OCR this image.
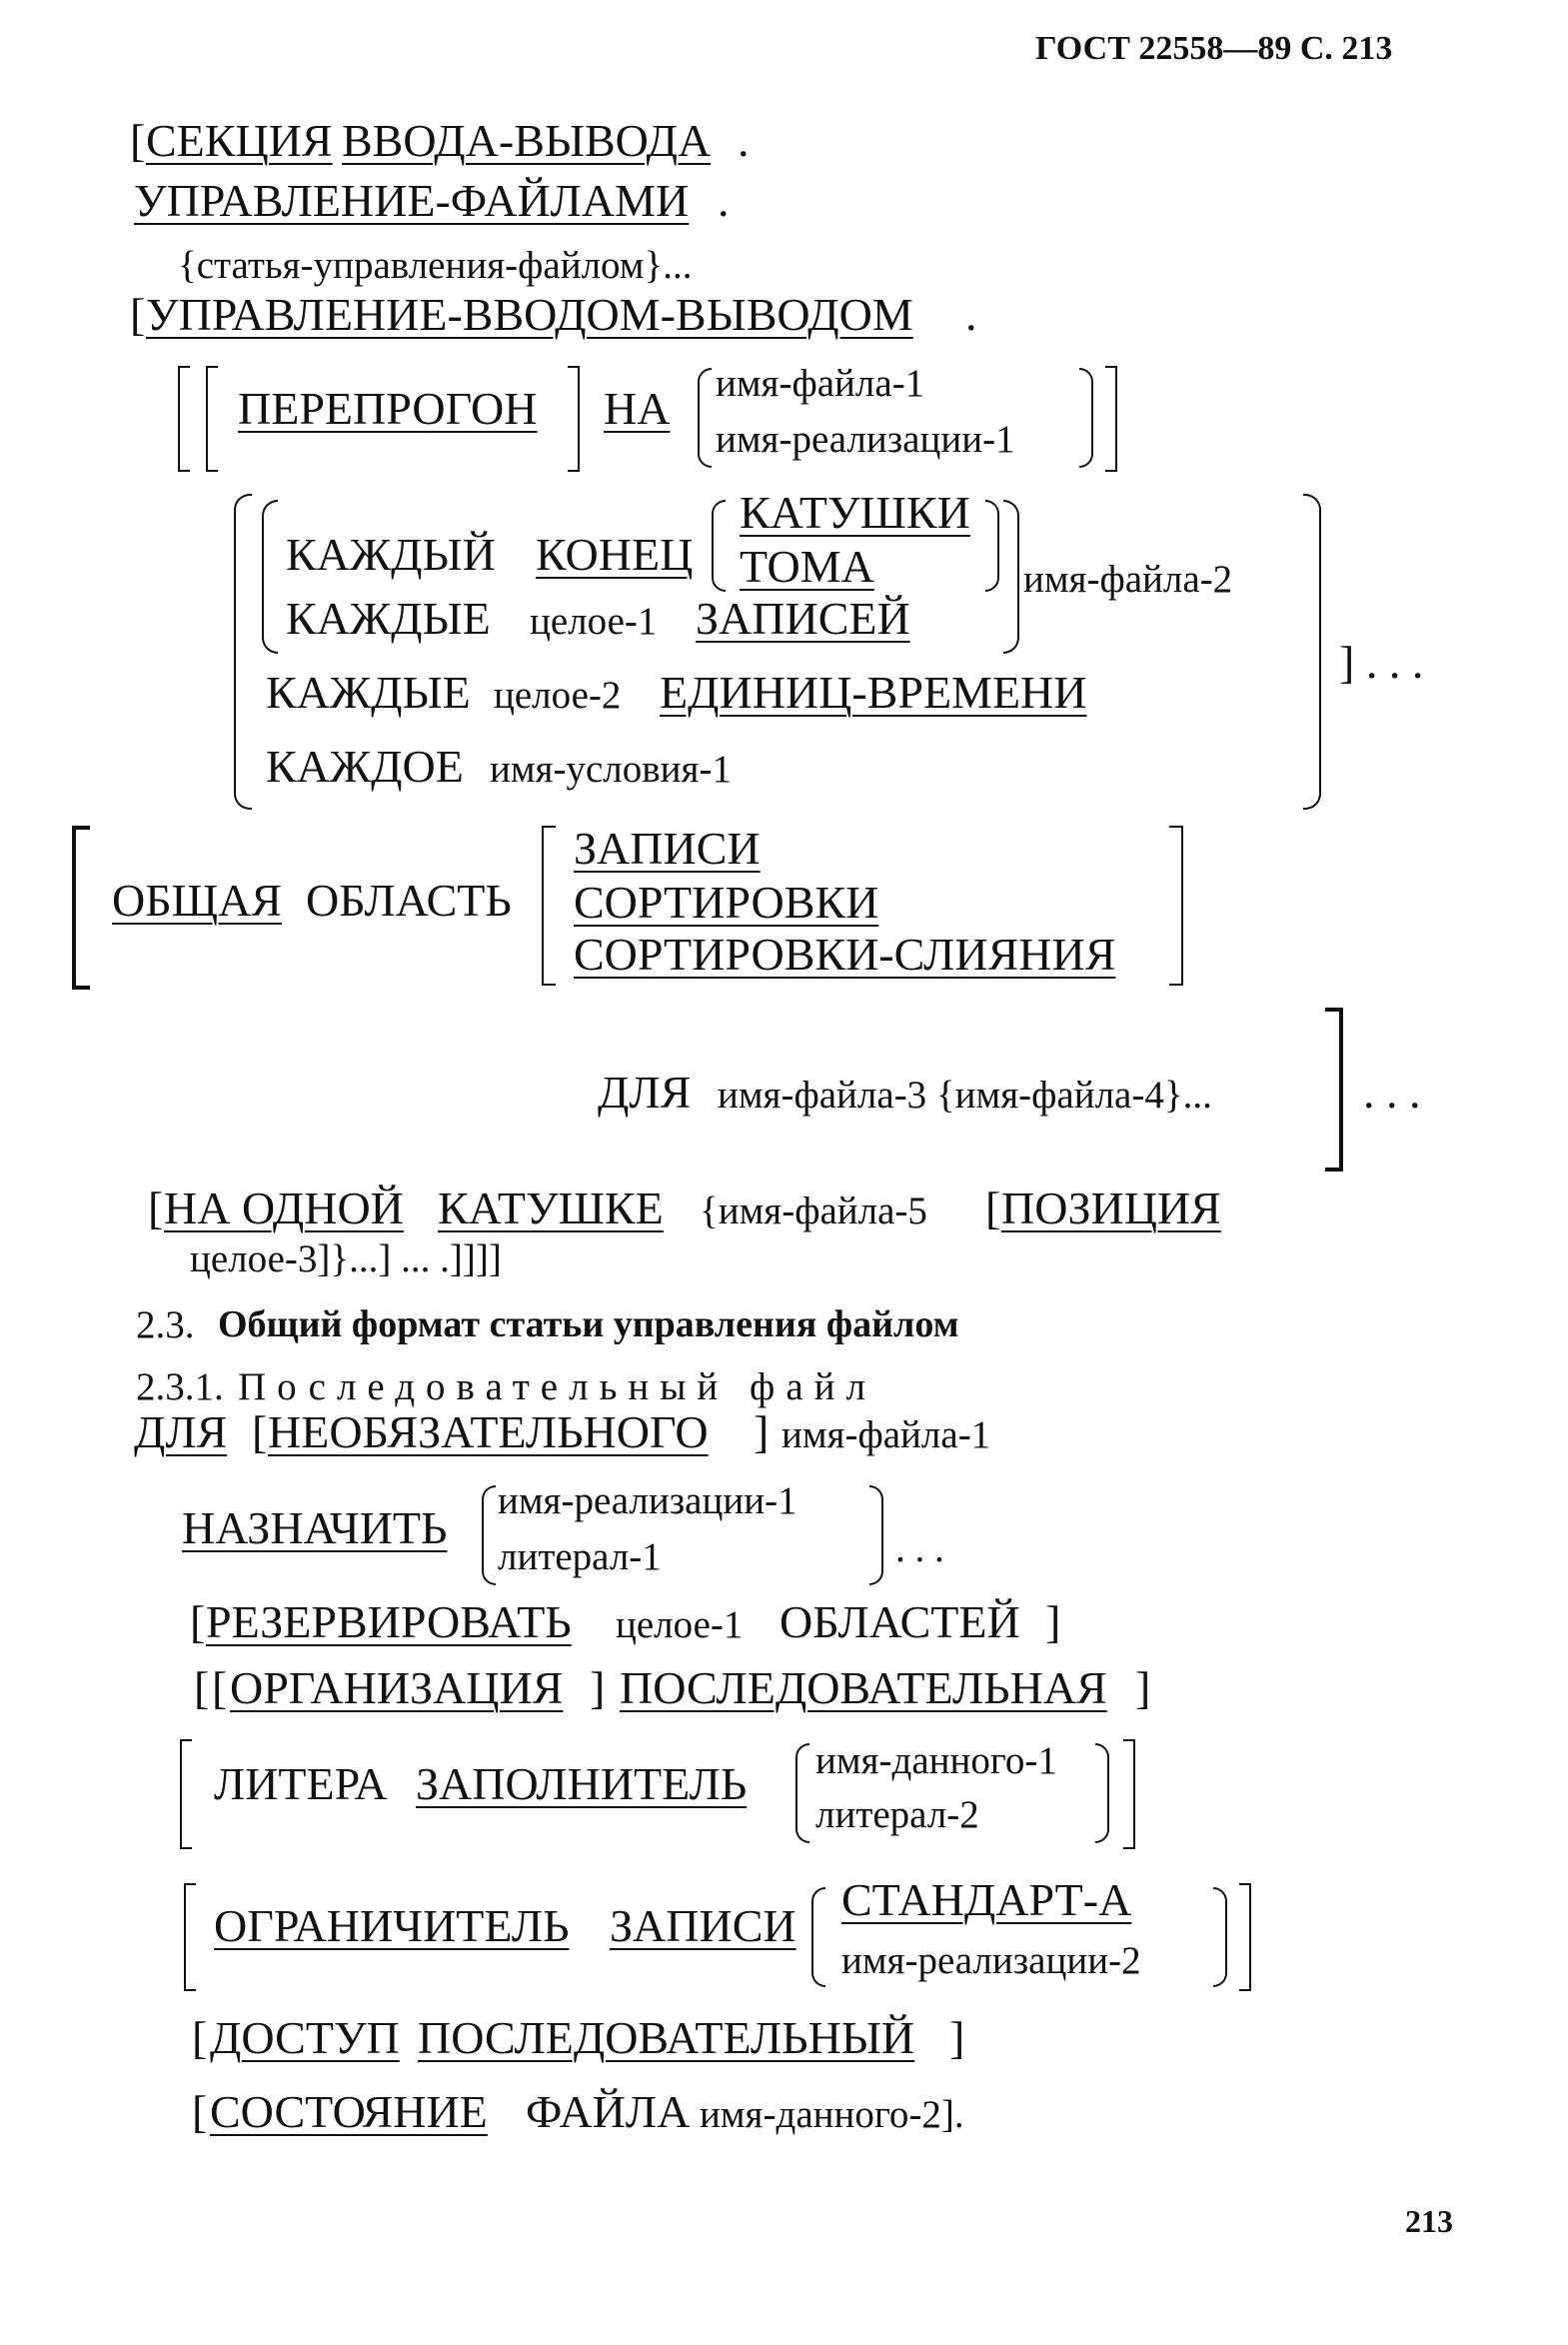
ГОСТ 22558—89 С. 213
[ СЕКЦИЯ ВВОДА-ВЫВОДА .
УПРАВЛЕНИЕ-ФАЙЛАМИ .
{статья-управления-файлом}...
[ УПРАВЛЕНИЕ-ВВОДОМ-ВЫВОДОМ .
ПЕРЕПРОГОН НА имя-файла-1
имя-реализации-1
КАЖДЫЙ КОНЕЦ
КАТУШКИ
ТОМА	имя-файла-2
КАЖДЫЕ целое-1 ЗАПИСЕЙ
КАЖДЫЕ целое-2 ЕДИНИЦ-ВРЕМЕНИ
] . . .
КАЖДОЕ имя-условия-1
ОБЩАЯ ОБЛАСТЬ
ЗАПИСИ
СОРТИРОВКИ
СОРТИРОВКИ-СЛИЯНИЯ
ДЛЯ имя-файла-3 {имя-файла-4}...	. . .
[ НА ОДНОЙ КАТУШКЕ {имя-файла-5 [ ПОЗИЦИЯ
целое-3]}...] ... .]]]]
2.3. Общий формат статьи управления файлом
2.3.1. Последовательный файл
ДЛЯ [ НЕОБЯЗАТЕЛЬНОГО ] имя-файла-1
НАЗНАЧИТЬ
имя-реализации-1
литерал-1	. . .
[ РЕЗЕРВИРОВАТЬ целое-1 ОБЛАСТЕЙ ]
[ [ ОРГАНИЗАЦИЯ ] ПОСЛЕДОВАТЕЛЬНАЯ ]
ЛИТЕРА ЗАПОЛНИТЕЛЬ имя-данного-1
литерал-2
ОГРАНИЧИТЕЛЬ ЗАПИСИ
СТАНДАРТ-А
имя-реализации-2
[ ДОСТУП ПОСЛЕДОВАТЕЛЬНЫЙ ]
[ СОСТОЯНИЕ ФАЙЛА имя-данного-2].
213
